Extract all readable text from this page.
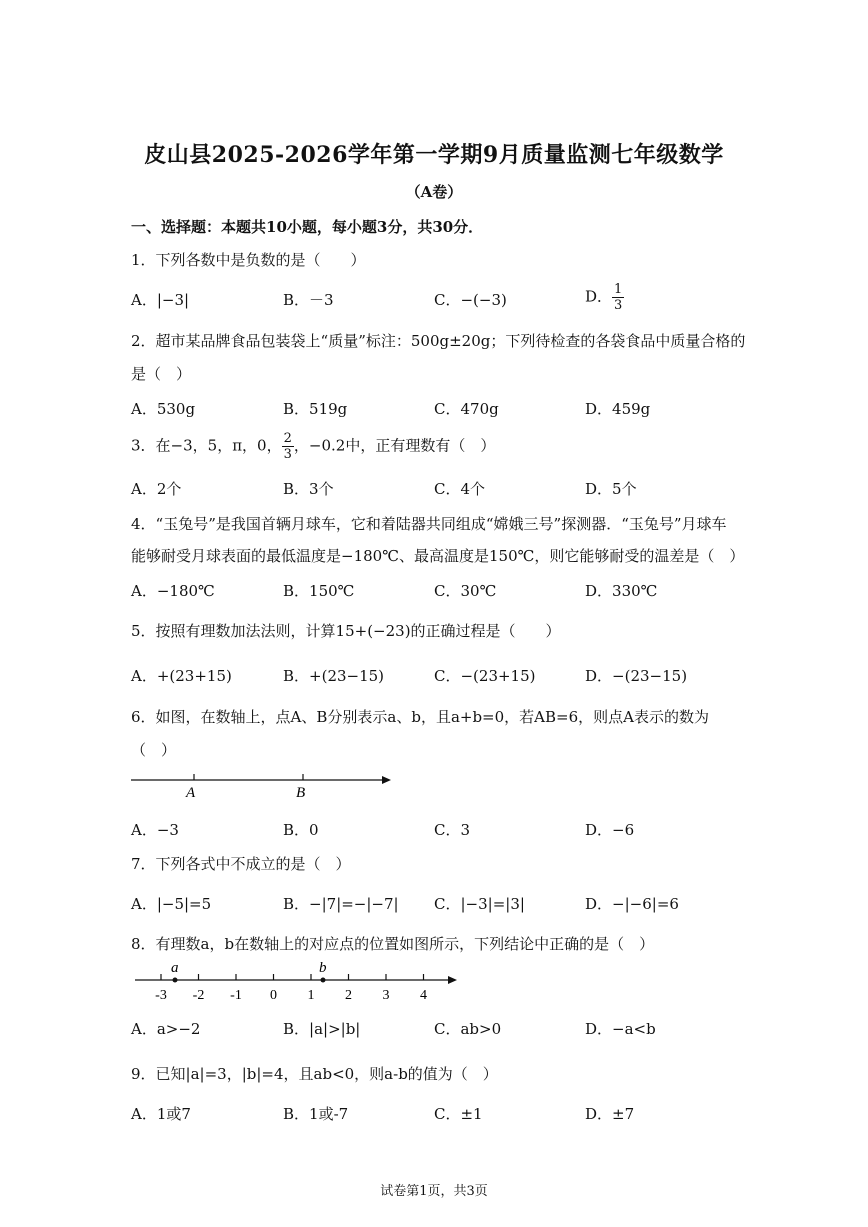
皮山县2025-2026学年第一学期9月质量监测七年级数学
（A卷）
一、选择题：本题共10小题，每小题3分，共30分．
1．下列各数中是负数的是（　　）
A．|−3|	B．－3	C．−(−3)	D． $\frac{1}{3}$
2．超市某品牌食品包装袋上“质量”标注：500g±20g；下列待检查的各袋食品中质量合格的
是（　）
A．530g	B．519g	C．470g	D．459g
3．在−3，5，π，0， $\frac{2}{3}$ ，−0.2中，正有理数有（　）
A．2个	B．3个	C．4个	D．5个
4．“玉兔号”是我国首辆月球车，它和着陆器共同组成“嫦娥三号”探测器．“玉兔号”月球车
能够耐受月球表面的最低温度是−180℃、最高温度是150℃，则它能够耐受的温差是（　）
A．−180℃	B．150℃	C．30℃	D．330℃
5．按照有理数加法法则，计算15+(−23)的正确过程是（　　）
A．+(23+15)	B．+(23−15)	C．−(23+15)	D．−(23−15)
6．如图，在数轴上，点A、B分别表示a、b，且a+b=0，若AB=6，则点A表示的数为
（　）
A	B
A．−3	B．0	C．3	D．−6
7．下列各式中不成立的是（　）
A．|−5|=5	B．−|7|=−|−7| C．|−3|=|3|	D．−|−6|=6
8．有理数a，b在数轴上的对应点的位置如图所示，下列结论中正确的是（　）
-3 -2 -1 0 1 2 3 4
a	b
A．a>−2	B．|a|>|b|	C．ab>0	D．−a<b
9．已知|a|=3，|b|=4，且ab<0，则a-b的值为（　）
A．1或7	B．1或-7	C．±1	D．±7
试卷第1页，共3页
